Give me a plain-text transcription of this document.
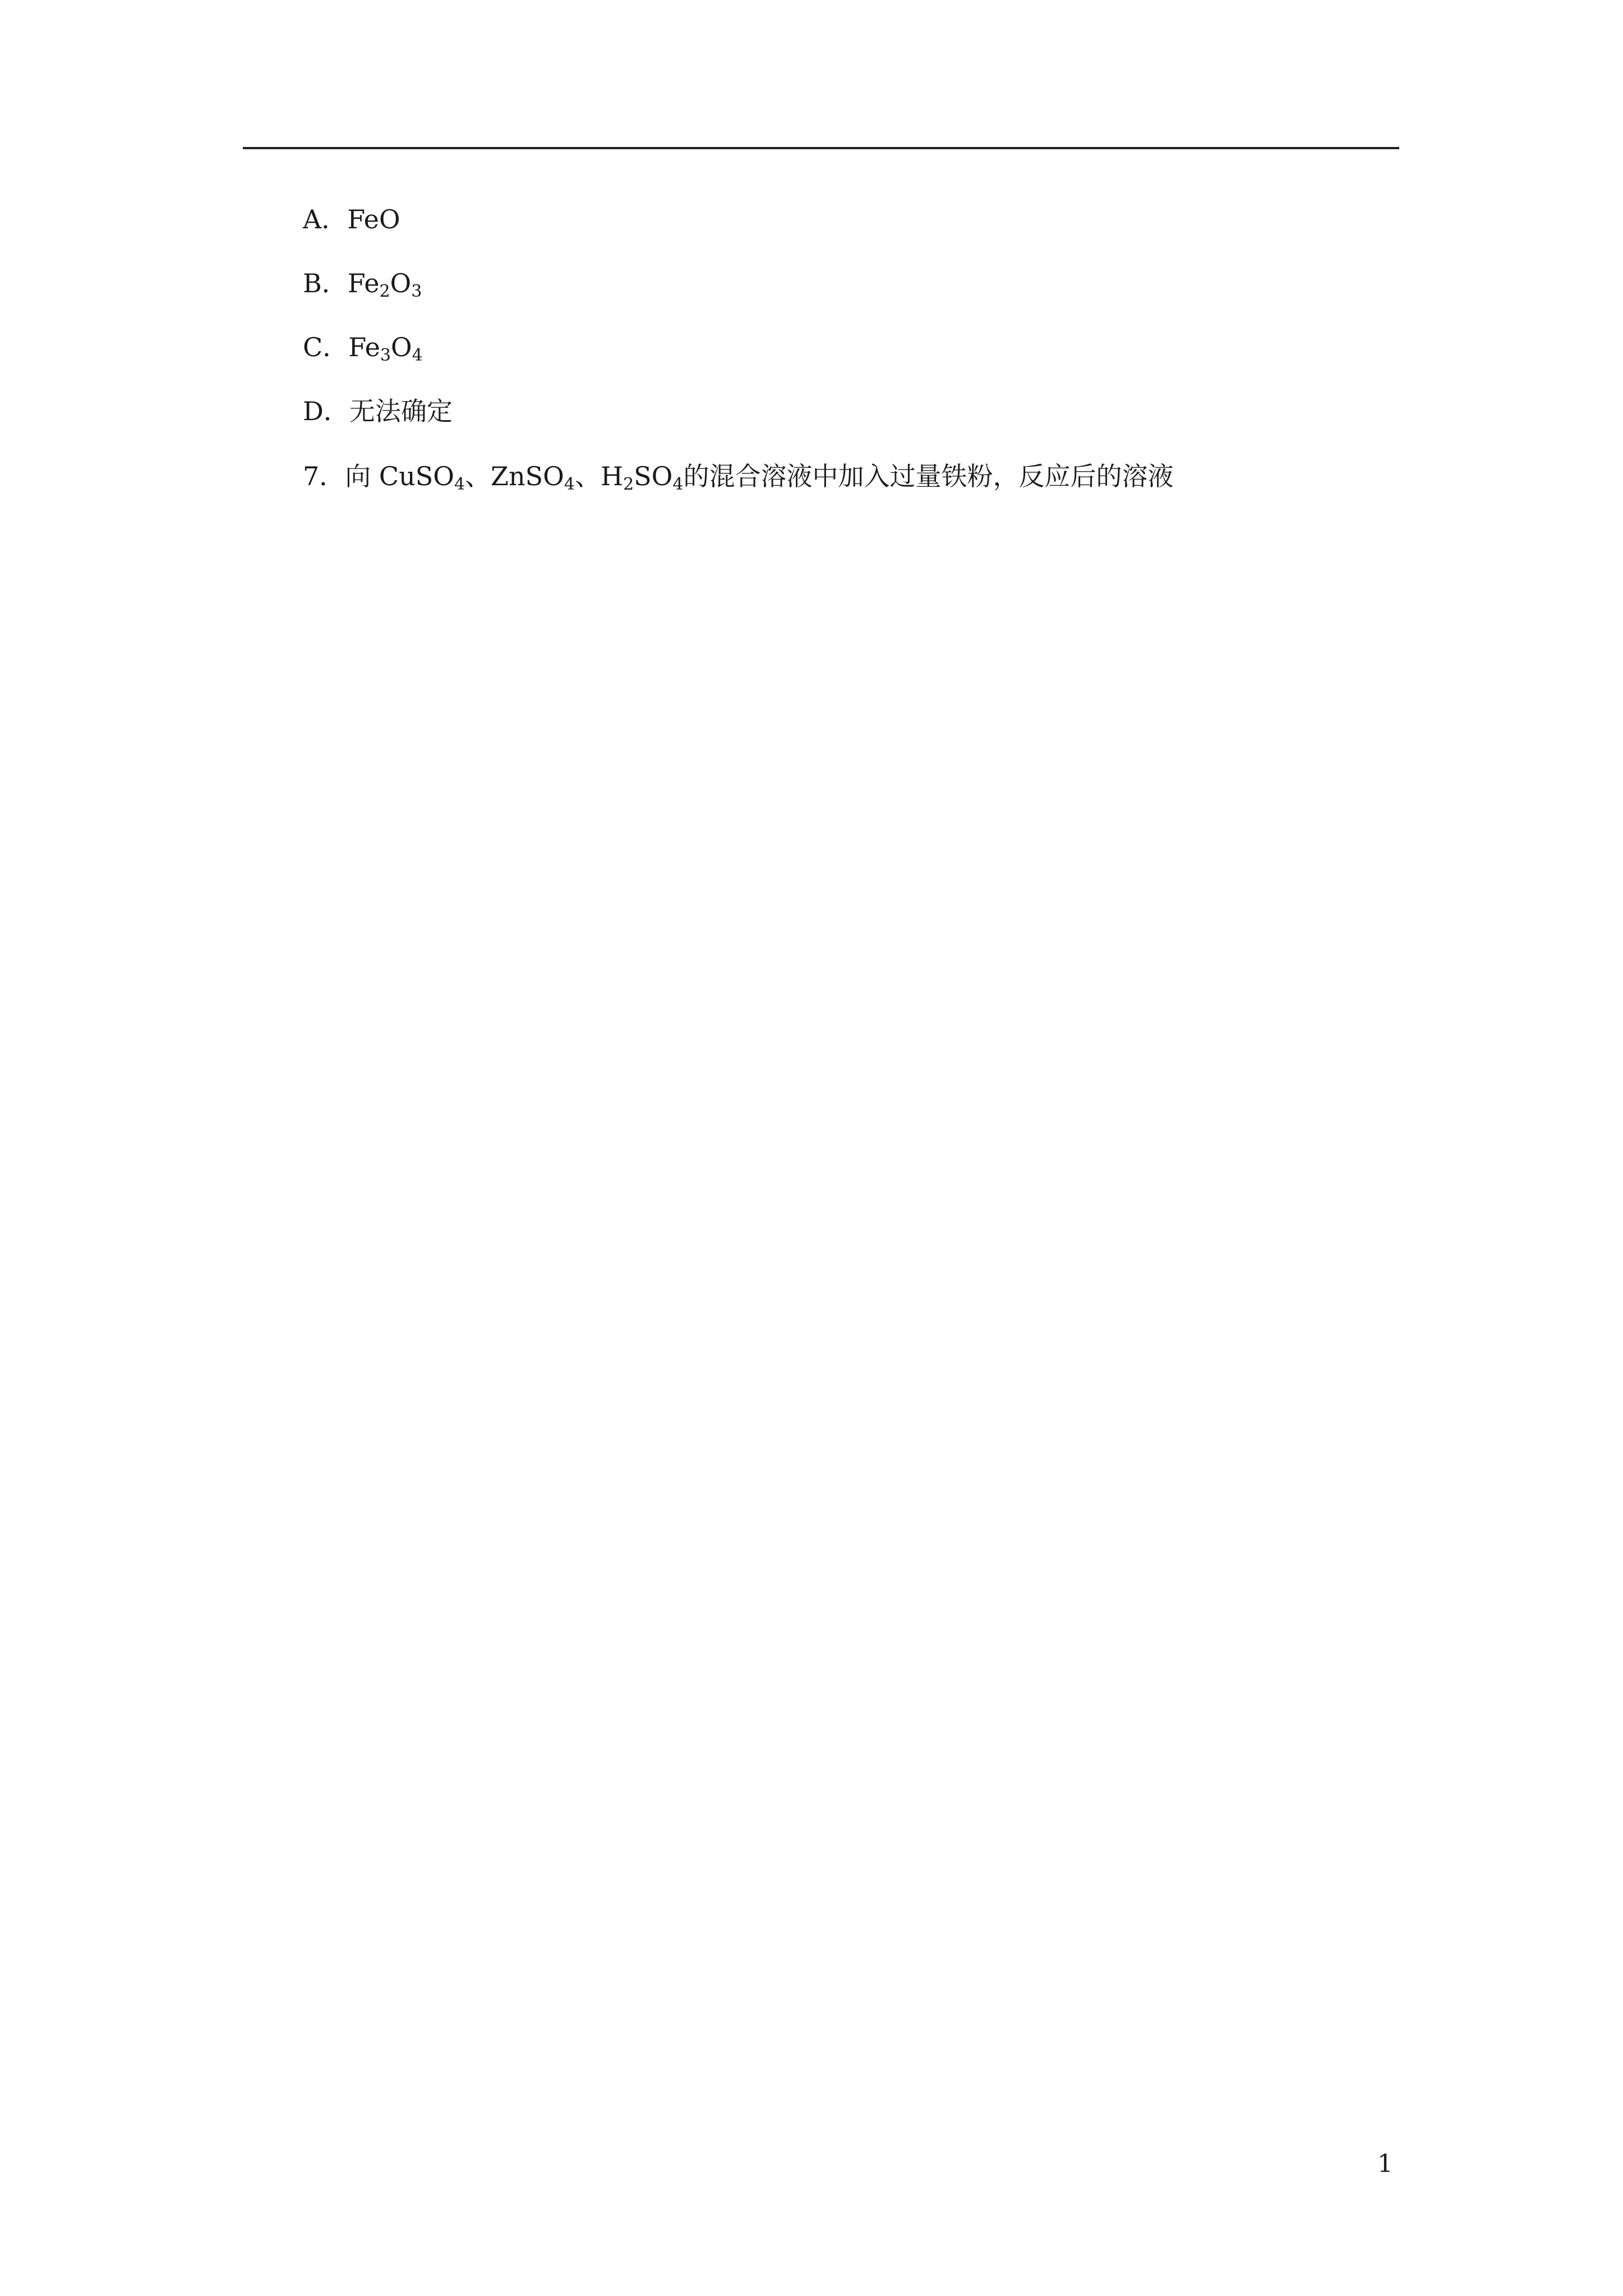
A．FeO
B．$Fe_2O_3$
C．$Fe_3O_4$
D．无法确定
7．向 CuSO$_4$、ZnSO$_4$、$H_2SO_4$的混合溶液中加入过量铁粉，反应后的溶液
1
